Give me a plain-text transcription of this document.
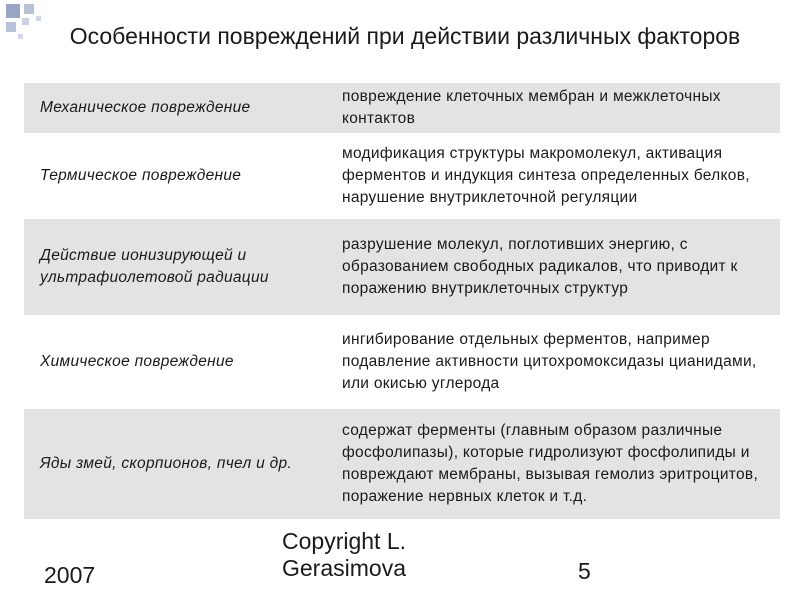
Особенности повреждений при действии различных факторов
Механическое повреждение	повреждение клеточных мембран и межклеточных контактов
Термическое повреждение	модификация структуры макромолекул, активация ферментов и индукция синтеза определенных белков, нарушение внутриклеточной регуляции
Действие ионизирующей и ультрафиолетовой радиации	разрушение молекул, поглотивших энергию, с образованием свободных радикалов, что приводит к поражению внутриклеточных структур
Химическое повреждение	ингибирование отдельных ферментов, например подавление активности цитохромоксидазы цианидами, или окисью углерода
Яды змей, скорпионов, пчел и др.	содержат ферменты (главным образом различные фосфолипазы), которые гидролизуют фосфолипиды и повреждают мембраны, вызывая гемолиз эритроцитов, поражение нервных клеток и т.д.
2007
Copyright L. Gerasimova	5
